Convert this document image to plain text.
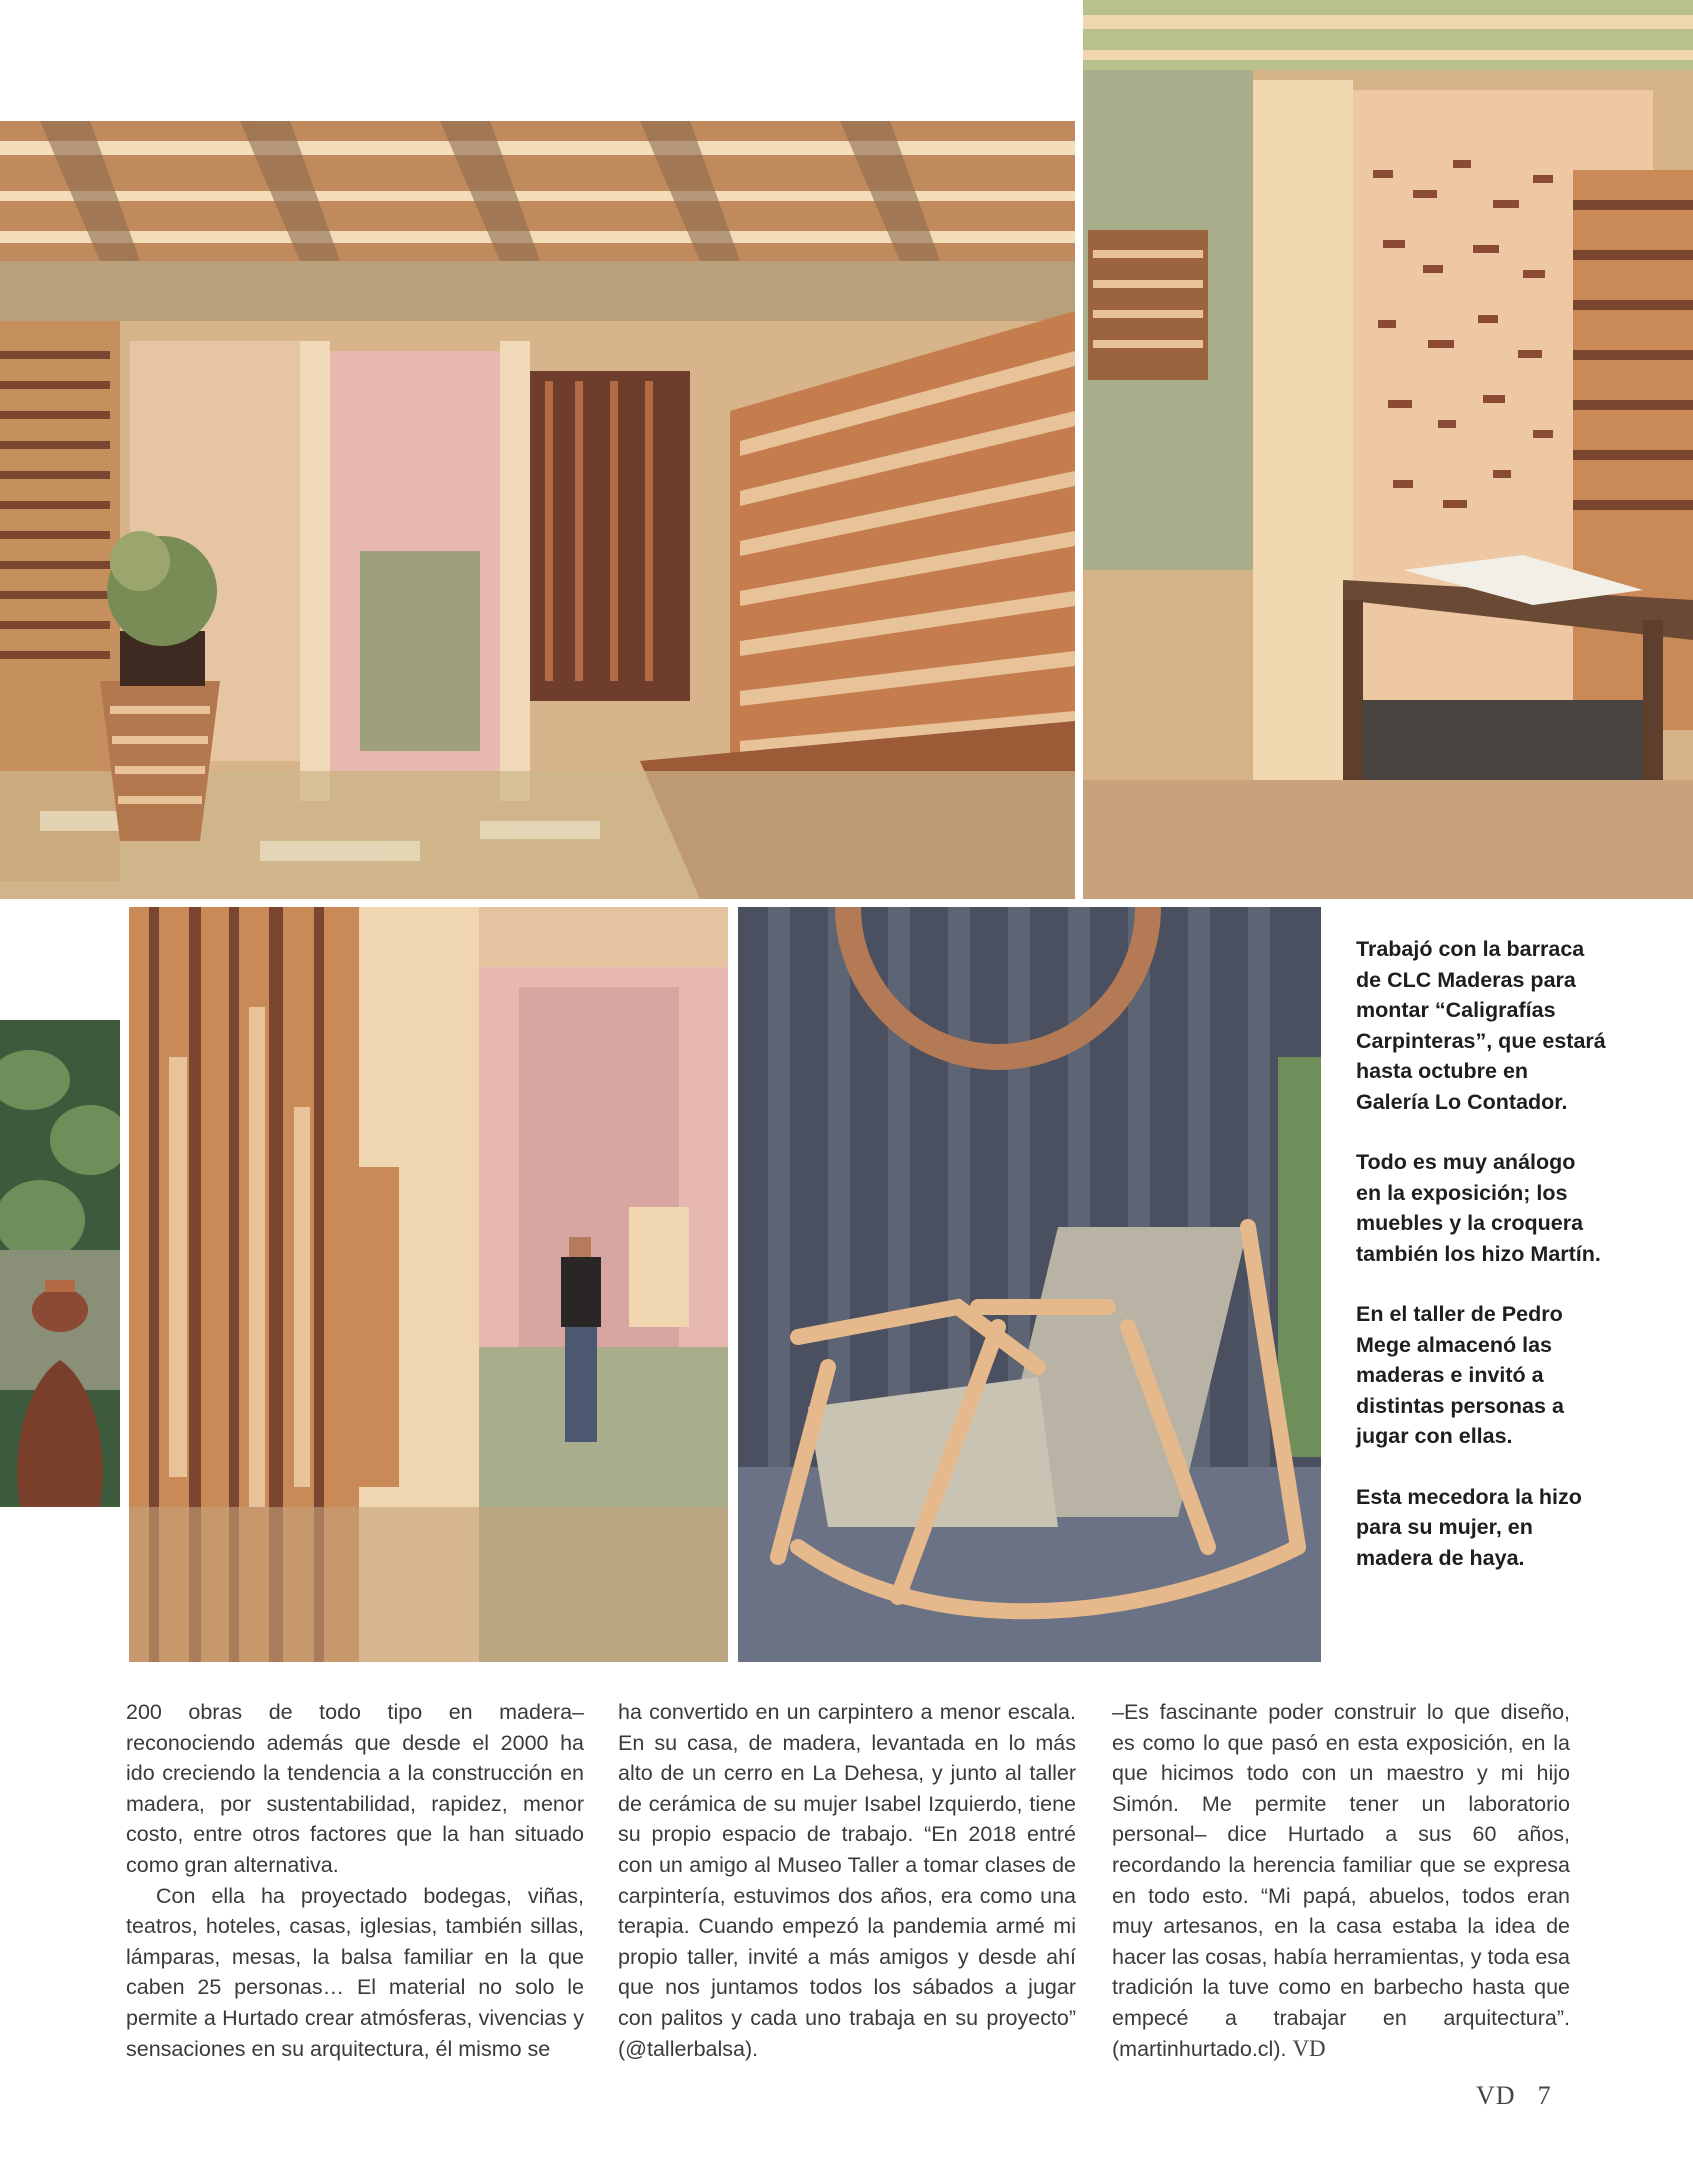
Trabajó con la barraca de CLC Maderas para montar “Caligrafías Carpinteras”, que estará hasta octubre en Galería Lo Contador.

Todo es muy análogo en la exposición; los muebles y la croquera también los hizo Martín.

En el taller de Pedro Mege almacenó las maderas e invitó a distintas personas a jugar con ellas.

Esta mecedora la hizo para su mujer, en madera de haya.

200 obras de todo tipo en madera– reconociendo además que desde el 2000 ha ido creciendo la tendencia a la construcción en madera, por sustentabilidad, rapidez, menor costo, entre otros factores que la han situado como gran alternativa.

Con ella ha proyectado bodegas, viñas, teatros, hoteles, casas, iglesias, también sillas, lámparas, mesas, la balsa familiar en la que caben 25 personas… El material no solo le permite a Hurtado crear atmósferas, vivencias y sensaciones en su arquitectura, él mismo se

ha convertido en un carpintero a menor escala. En su casa, de madera, levantada en lo más alto de un cerro en La Dehesa, y junto al taller de cerámica de su mujer Isabel Izquierdo, tiene su propio espacio de trabajo. “En 2018 entré con un amigo al Museo Taller a tomar clases de carpintería, estuvimos dos años, era como una terapia. Cuando empezó la pandemia armé mi propio taller, invité a más amigos y desde ahí que nos juntamos todos los sábados a jugar con palitos y cada uno trabaja en su proyecto” (@tallerbalsa).

–Es fascinante poder construir lo que diseño, es como lo que pasó en esta exposición, en la que hicimos todo con un maestro y mi hijo Simón. Me permite tener un laboratorio personal– dice Hurtado a sus 60 años, recordando la herencia familiar que se expresa en todo esto. “Mi papá, abuelos, todos eran muy artesanos, en la casa estaba la idea de hacer las cosas, había herramientas, y toda esa tradición la tuve como en barbecho hasta que empecé a trabajar en arquitectura”. (martinhurtado.cl). VD

VD 7
